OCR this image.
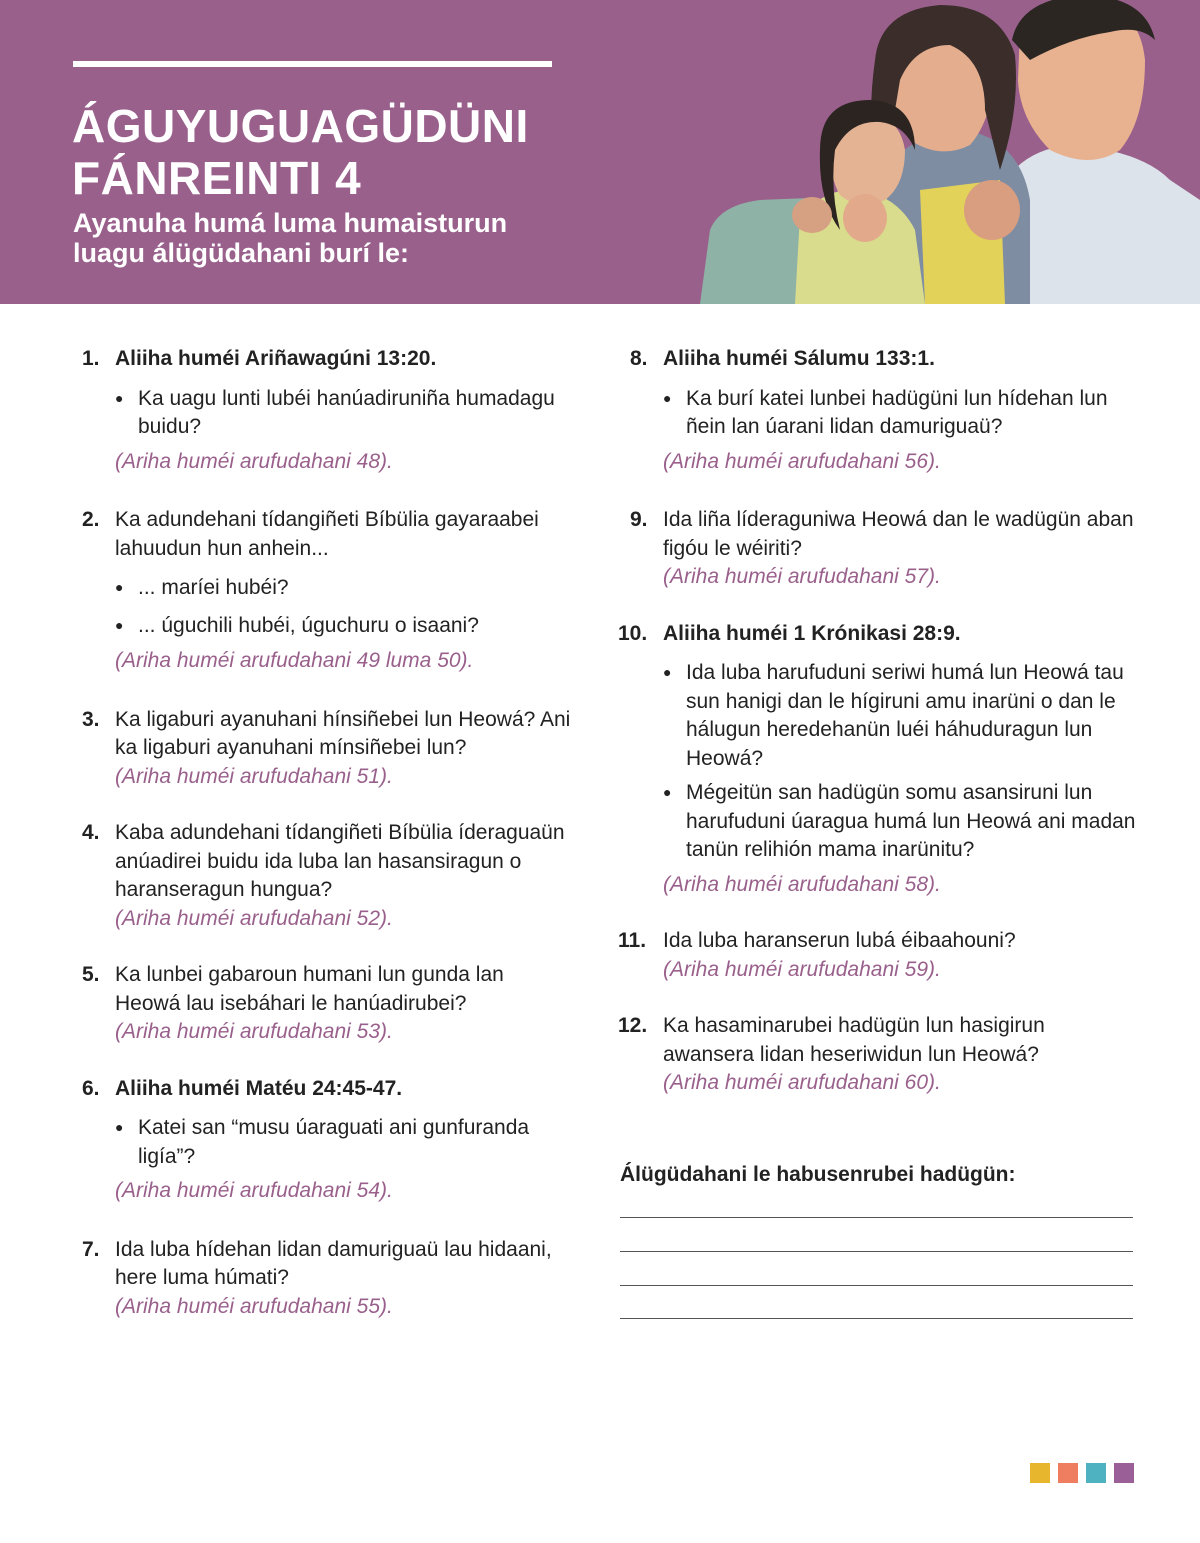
ÁGUYUGUAGÜDÜNI
FÁNREINTI 4

Ayanuha humá luma humaisturun
luagu álügüdahani burí le:

1. Aliiha huméi Ariñawagúni 13:20.
●
Ka uagu lunti lubéi hanúadiruniña humadagu buidu?
(Ariha huméi arufudahani 48).
2. Ka adundehani tídangiñeti Bíbülia gayaraabei lahuudun hun anhein...
●
... maríei hubéi?
●
... úguchili hubéi, úguchuru o isaani?
(Ariha huméi arufudahani 49 luma 50).
3. Ka ligaburi ayanuhani hínsiñebei lun Heowá? Ani ka ligaburi ayanuhani mínsiñebei lun?
(Ariha huméi arufudahani 51).
4. Kaba adundehani tídangiñeti Bíbülia íderaguaün anúadirei buidu ida luba lan hasansiragun o haranseragun hungua?
(Ariha huméi arufudahani 52).
5. Ka lunbei gabaroun humani lun gunda lan Heowá lau isebáhari le hanúadirubei?
(Ariha huméi arufudahani 53).
6. Aliiha huméi Matéu 24:45-47.
●
Katei san “musu úaraguati ani gunfuranda ligía”?
(Ariha huméi arufudahani 54).
7. Ida luba hídehan lidan damuriguaü lau hidaani, here luma húmati?
(Ariha huméi arufudahani 55).
8. Aliiha huméi Sálumu 133:1.
●
Ka burí katei lunbei hadügüni lun hídehan lun ñein lan úarani lidan damuriguaü?
(Ariha huméi arufudahani 56).
9. Ida liña líderaguniwa Heowá dan le wadügün aban figóu le wéiriti?
(Ariha huméi arufudahani 57).
10. Aliiha huméi 1 Krónikasi 28:9.
●
Ida luba harufuduni seriwi humá lun Heowá tau sun hanigi dan le hígiruni amu inarüni o dan le hálugun heredehanün luéi háhuduragun lun Heowá?
●
Mégeitün san hadügün somu asansiruni lun harufuduni úaragua humá lun Heowá ani madan tanün relihión mama inarünitu?
(Ariha huméi arufudahani 58).
11. Ida luba haranserun lubá éibaahouni?
(Ariha huméi arufudahani 59).
12. Ka hasaminarubei hadügün lun hasigirun awansera lidan heseriwidun lun Heowá?
(Ariha huméi arufudahani 60).
Álügüdahani le habusenrubei hadügün:
